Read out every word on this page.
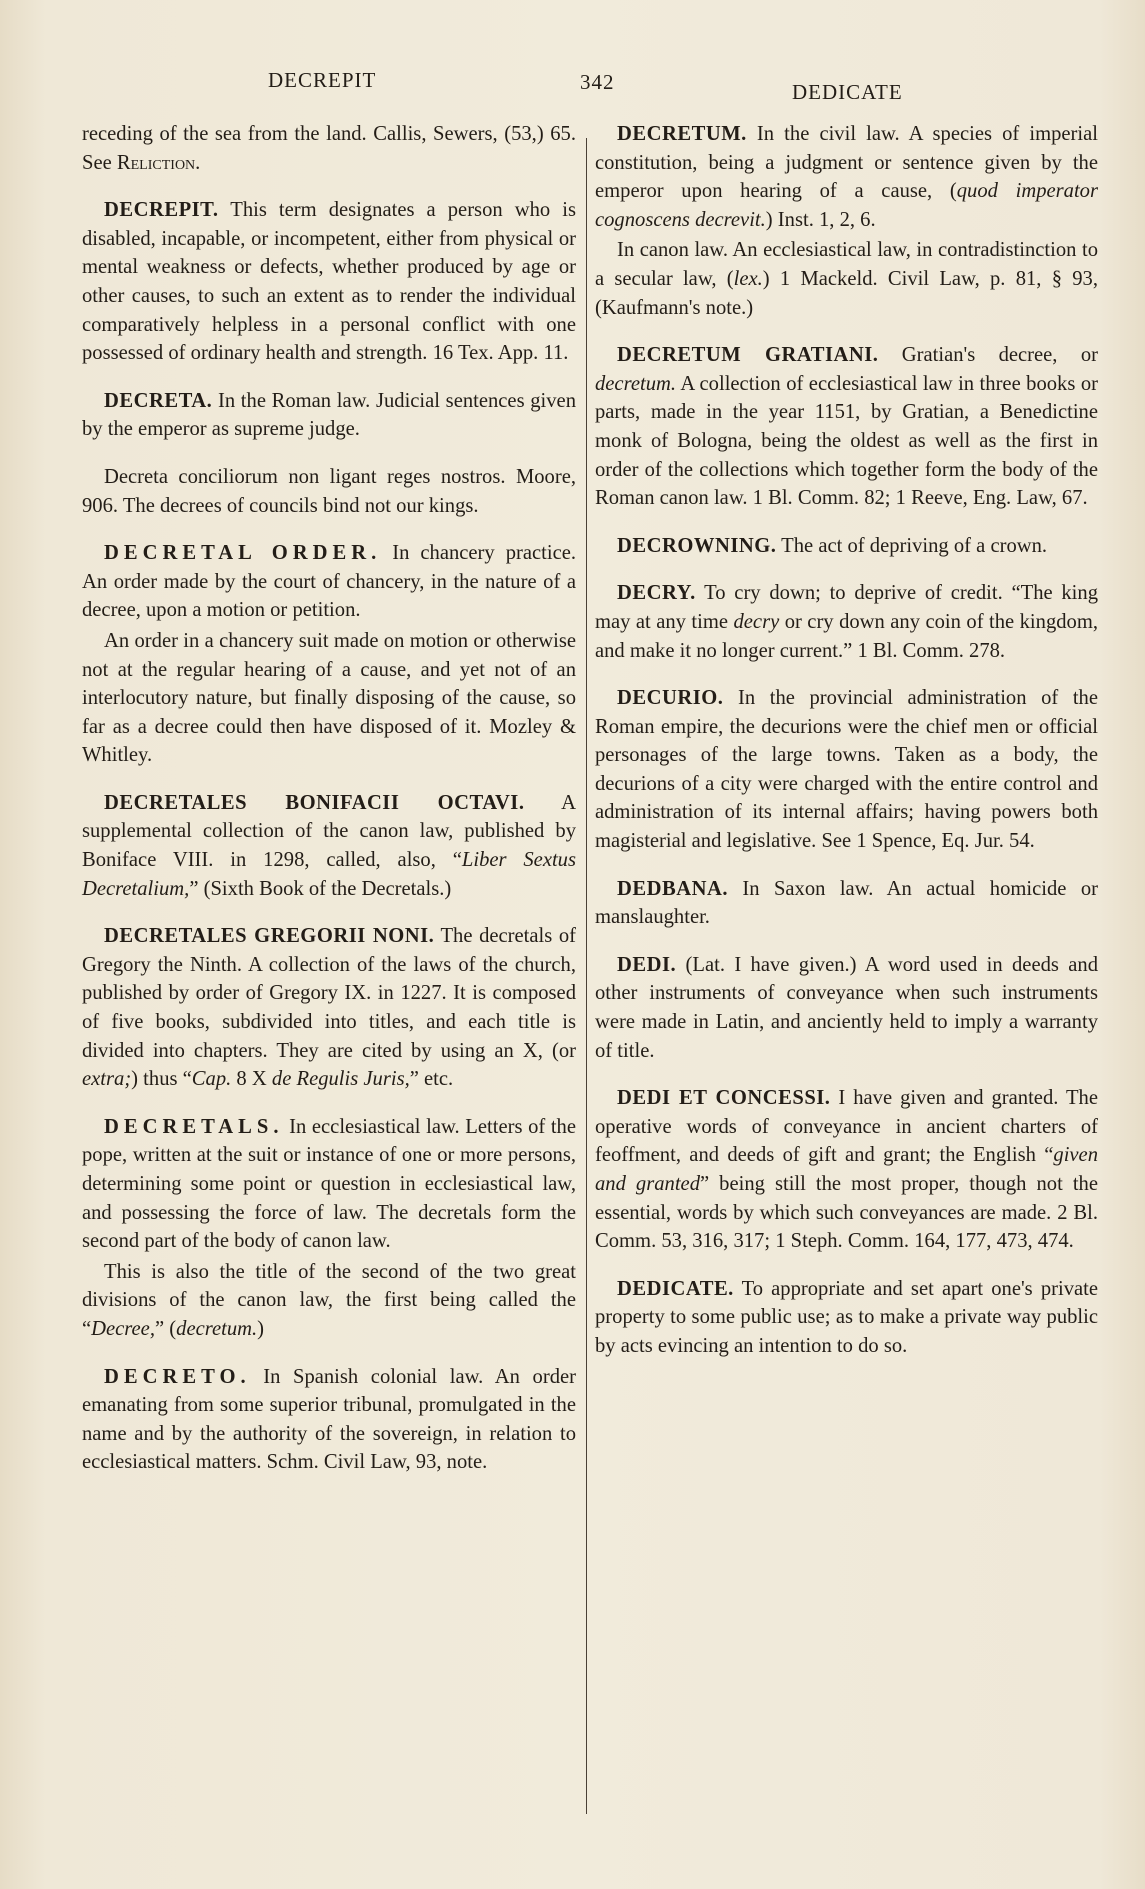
DECREPIT	342	DEDICATE

receding of the sea from the land. Callis, Sewers, (53,) 65. See Reliction.

DECREPIT. This term designates a person who is disabled, incapable, or incompetent, either from physical or mental weakness or defects, whether produced by age or other causes, to such an extent as to render the individual comparatively helpless in a personal conflict with one possessed of ordinary health and strength. 16 Tex. App. 11.

DECRETA. In the Roman law. Judicial sentences given by the emperor as supreme judge.

Decreta conciliorum non ligant reges nostros. Moore, 906. The decrees of councils bind not our kings.

DECRETAL ORDER. In chancery practice. An order made by the court of chancery, in the nature of a decree, upon a motion or petition.

An order in a chancery suit made on motion or otherwise not at the regular hearing of a cause, and yet not of an interlocutory nature, but finally disposing of the cause, so far as a decree could then have disposed of it. Mozley & Whitley.

DECRETALES BONIFACII OCTAVI. A supplemental collection of the canon law, published by Boniface VIII. in 1298, called, also, “Liber Sextus Decretalium,” (Sixth Book of the Decretals.)

DECRETALES GREGORII NONI. The decretals of Gregory the Ninth. A collection of the laws of the church, published by order of Gregory IX. in 1227. It is composed of five books, subdivided into titles, and each title is divided into chapters. They are cited by using an X, (or extra;) thus “Cap. 8 X de Regulis Juris,” etc.

DECRETALS. In ecclesiastical law. Letters of the pope, written at the suit or instance of one or more persons, determining some point or question in ecclesiastical law, and possessing the force of law. The decretals form the second part of the body of canon law.

This is also the title of the second of the two great divisions of the canon law, the first being called the “Decree,” (decretum.)

DECRETO. In Spanish colonial law. An order emanating from some superior tribunal, promulgated in the name and by the authority of the sovereign, in relation to ecclesiastical matters. Schm. Civil Law, 93, note.

DECRETUM. In the civil law. A species of imperial constitution, being a judgment or sentence given by the emperor upon hearing of a cause, (quod imperator cognoscens decrevit.) Inst. 1, 2, 6.

In canon law. An ecclesiastical law, in contradistinction to a secular law, (lex.) 1 Mackeld. Civil Law, p. 81, § 93, (Kaufmann's note.)

DECRETUM GRATIANI. Gratian's decree, or decretum. A collection of ecclesiastical law in three books or parts, made in the year 1151, by Gratian, a Benedictine monk of Bologna, being the oldest as well as the first in order of the collections which together form the body of the Roman canon law. 1 Bl. Comm. 82; 1 Reeve, Eng. Law, 67.

DECROWNING. The act of depriving of a crown.

DECRY. To cry down; to deprive of credit. “The king may at any time decry or cry down any coin of the kingdom, and make it no longer current.” 1 Bl. Comm. 278.

DECURIO. In the provincial administration of the Roman empire, the decurions were the chief men or official personages of the large towns. Taken as a body, the decurions of a city were charged with the entire control and administration of its internal affairs; having powers both magisterial and legislative. See 1 Spence, Eq. Jur. 54.

DEDBANA. In Saxon law. An actual homicide or manslaughter.

DEDI. (Lat. I have given.) A word used in deeds and other instruments of conveyance when such instruments were made in Latin, and anciently held to imply a warranty of title.

DEDI ET CONCESSI. I have given and granted. The operative words of conveyance in ancient charters of feoffment, and deeds of gift and grant; the English “given and granted” being still the most proper, though not the essential, words by which such conveyances are made. 2 Bl. Comm. 53, 316, 317; 1 Steph. Comm. 164, 177, 473, 474.

DEDICATE. To appropriate and set apart one's private property to some public use; as to make a private way public by acts evincing an intention to do so.
